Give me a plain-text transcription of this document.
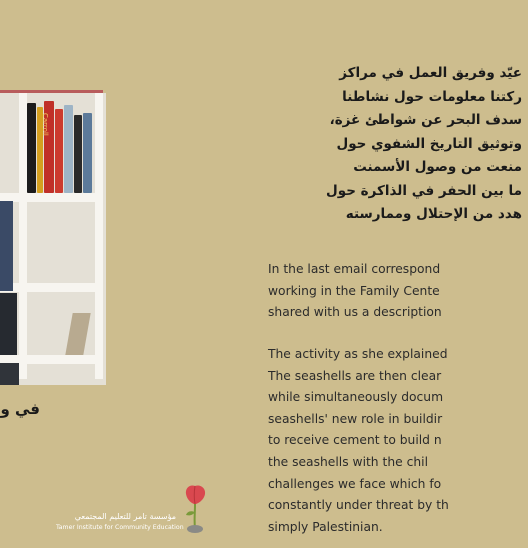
عيّد وفريق العمل في مراكز
ركتنا معلومات حول نشاطنا
سدف البحر عن شواطئ غزة،
وتوثيق التاريخ الشفوي حول
منعت من وصول الأسمنت
ما بين الحفر في الذاكرة حول
هدد من الإحتلال وممارسته
In the last email correspond
working in the Family Cente
shared with us a description
The activity as she explained
The seashells are then clear
while simultaneously docum
seashells' new role in buildir
to receive cement to build n
the seashells with the chil
challenges we face which fo
constantly under threat by th
simply Palestinian.
Carroll
في و
مؤسسة تامر للتعليم المجتمعي
Tamer Institute for Community Education
